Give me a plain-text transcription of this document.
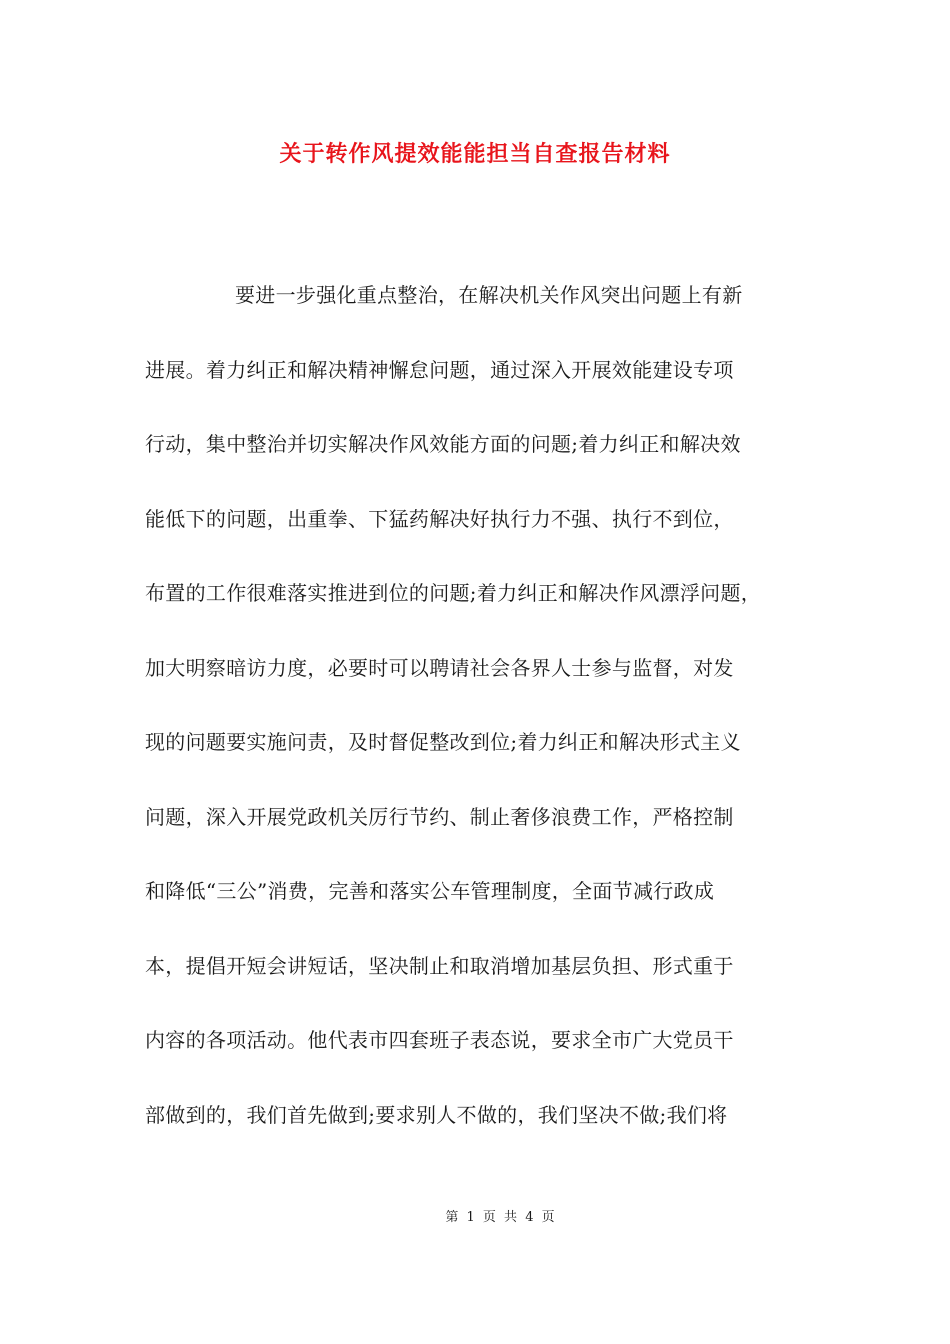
关于转作风提效能能担当自查报告材料
要进一步强化重点整治，在解决机关作风突出问题上有新
进展。着力纠正和解决精神懈怠问题，通过深入开展效能建设专项
行动，集中整治并切实解决作风效能方面的问题;着力纠正和解决效
能低下的问题，出重拳、下猛药解决好执行力不强、执行不到位，
布置的工作很难落实推进到位的问题;着力纠正和解决作风漂浮问题，
加大明察暗访力度，必要时可以聘请社会各界人士参与监督，对发
现的问题要实施问责，及时督促整改到位;着力纠正和解决形式主义
问题，深入开展党政机关厉行节约、制止奢侈浪费工作，严格控制
和降低“三公”消费，完善和落实公车管理制度，全面节减行政成
本，提倡开短会讲短话，坚决制止和取消增加基层负担、形式重于
内容的各项活动。他代表市四套班子表态说，要求全市广大党员干
部做到的，我们首先做到;要求别人不做的，我们坚决不做;我们将
第 1 页 共 4 页
